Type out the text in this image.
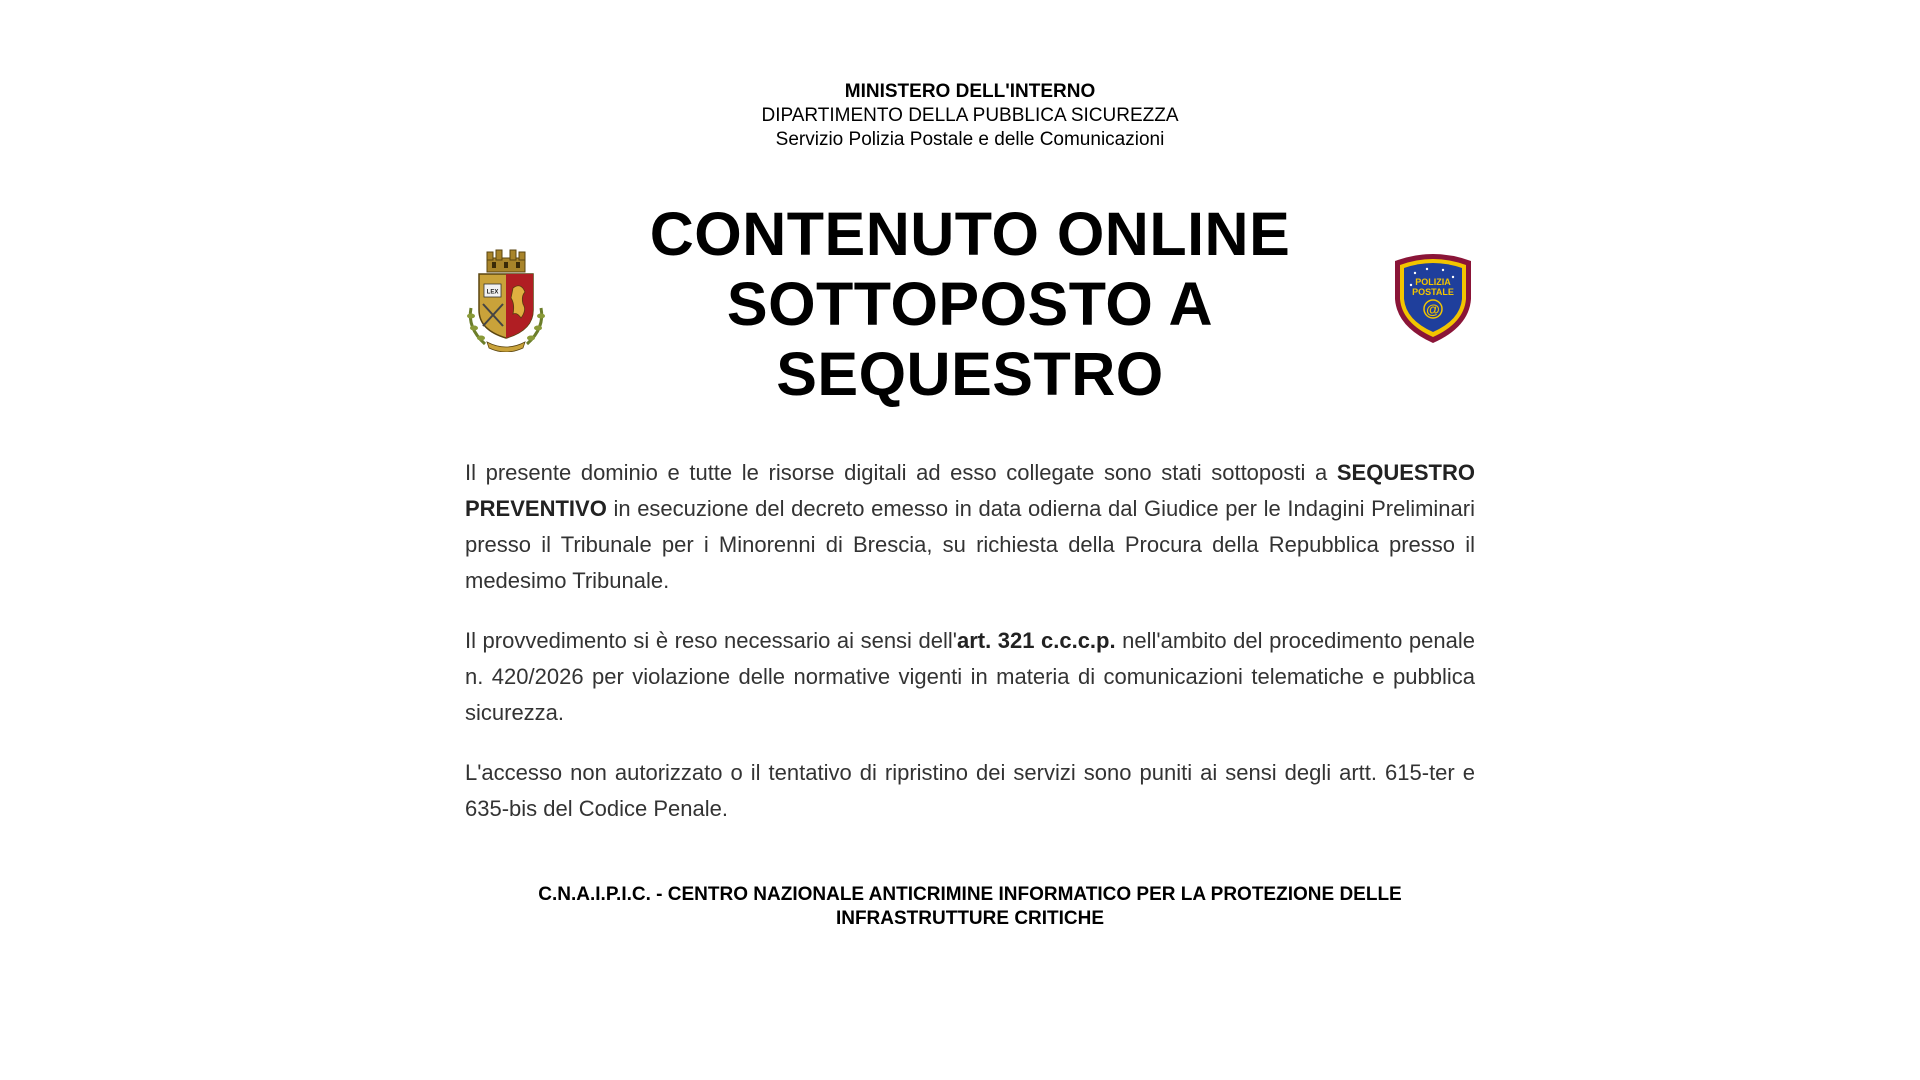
MINISTERO DELL'INTERNO
DIPARTIMENTO DELLA PUBBLICA SICUREZZA
Servizio Polizia Postale e delle Comunicazioni
LEX
CONTENUTO ONLINE
SOTTOPOSTO A
SEQUESTRO
POLIZIA
POSTALE
@

Il presente dominio e tutte le risorse digitali ad esso collegate sono stati sottoposti a SEQUESTRO PREVENTIVO in esecuzione del decreto emesso in data odierna dal Giudice per le Indagini Preliminari presso il Tribunale per i Minorenni di Brescia, su richiesta della Procura della Repubblica presso il medesimo Tribunale.

Il provvedimento si è reso necessario ai sensi dell'art. 321 c.c.c.p. nell'ambito del procedimento penale n. 420/2026 per violazione delle normative vigenti in materia di comunicazioni telematiche e pubblica sicurezza.

L'accesso non autorizzato o il tentativo di ripristino dei servizi sono puniti ai sensi degli artt. 615-ter e 635-bis del Codice Penale.

C.N.A.I.P.I.C. - CENTRO NAZIONALE ANTICRIMINE INFORMATICO PER LA PROTEZIONE DELLE INFRASTRUTTURE CRITICHE
